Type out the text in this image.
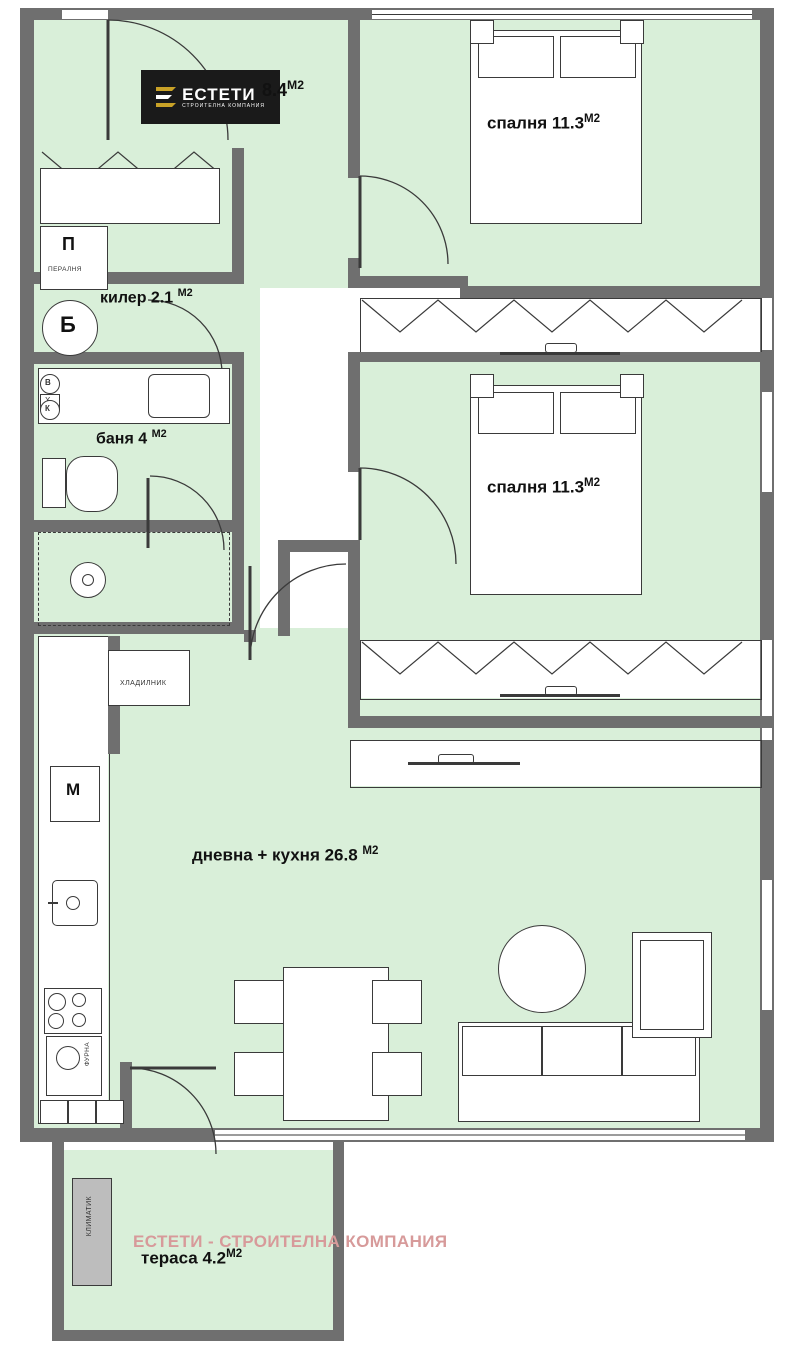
В
К
Б
П
ПЕРАЛНЯ
ХЛАДИЛНИК
М
ФУРНА
КЛИМАТИК
ЕСТЕТИ
СТРОИТЕЛНА КОМПАНИЯ
$8.4^{М2}$
спалня $11.3^{М2}$
спалня $11.3^{М2}$
килер 2.1 $^{М2}$
баня 4 $^{М2}$
дневна + кухня 26.8 $^{М2}$
тераса $4.2^{М2}$
ЕСТЕТИ - СТРОИТЕЛНА КОМПАНИЯ
